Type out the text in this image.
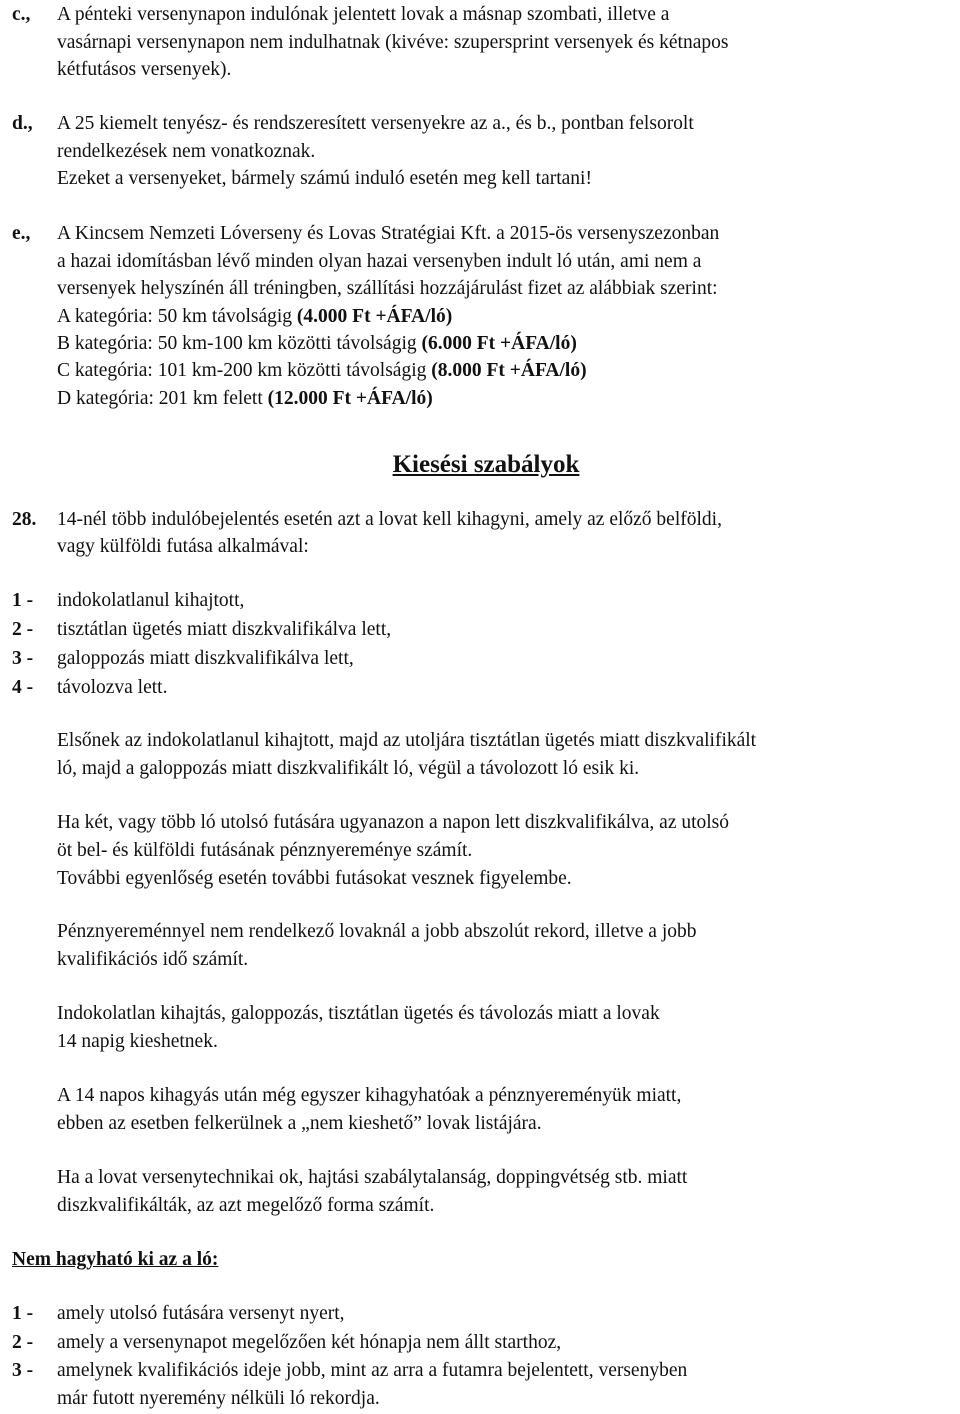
c., A pénteki versenynapon indulónak jelentett lovak a másnap szombati, illetve a
vasárnapi versenynapon nem indulhatnak (kivéve: szupersprint versenyek és kétnapos
kétfutásos versenyek).
d., A 25 kiemelt tenyész- és rendszeresített versenyekre az a., és b., pontban felsorolt
rendelkezések nem vonatkoznak.
Ezeket a versenyeket, bármely számú induló esetén meg kell tartani!
e., A Kincsem Nemzeti Lóverseny és Lovas Stratégiai Kft. a 2015-ös versenyszezonban
a hazai idomításban lévő minden olyan hazai versenyben indult ló után, ami nem a
versenyek helyszínén áll tréningben, szállítási hozzájárulást fizet az alábbiak szerint:
A kategória: 50 km távolságig (4.000 Ft +ÁFA/ló)
B kategória: 50 km-100 km közötti távolságig (6.000 Ft +ÁFA/ló)
C kategória: 101 km-200 km közötti távolságig (8.000 Ft +ÁFA/ló)
D kategória: 201 km felett (12.000 Ft +ÁFA/ló)
Kiesési szabályok
28. 14-nél több indulóbejelentés esetén azt a lovat kell kihagyni, amely az előző belföldi,
vagy külföldi futása alkalmával:
1 - indokolatlanul kihajtott,
2 - tisztátlan ügetés miatt diszkvalifikálva lett,
3 - galoppozás miatt diszkvalifikálva lett,
4 - távolozva lett.
Elsőnek az indokolatlanul kihajtott, majd az utoljára tisztátlan ügetés miatt diszkvalifikált
ló, majd a galoppozás miatt diszkvalifikált ló, végül a távolozott ló esik ki.
Ha két, vagy több ló utolsó futására ugyanazon a napon lett diszkvalifikálva, az utolsó
öt bel- és külföldi futásának pénznyereménye számít.
További egyenlőség esetén további futásokat vesznek figyelembe.
Pénznyereménnyel nem rendelkező lovaknál a jobb abszolút rekord, illetve a jobb
kvalifikációs idő számít.
Indokolatlan kihajtás, galoppozás, tisztátlan ügetés és távolozás miatt a lovak
14 napig kieshetnek.
A 14 napos kihagyás után még egyszer kihagyhatóak a pénznyereményük miatt,
ebben az esetben felkerülnek a „nem kieshető” lovak listájára.
Ha a lovat versenytechnikai ok, hajtási szabálytalanság, doppingvétség stb. miatt
diszkvalifikálták, az azt megelőző forma számít.
Nem hagyható ki az a ló:
1 - amely utolsó futására versenyt nyert,
2 - amely a versenynapot megelőzően két hónapja nem állt starthoz,
3 - amelynek kvalifikációs ideje jobb, mint az arra a futamra bejelentett, versenyben
már futott nyeremény nélküli ló rekordja.
